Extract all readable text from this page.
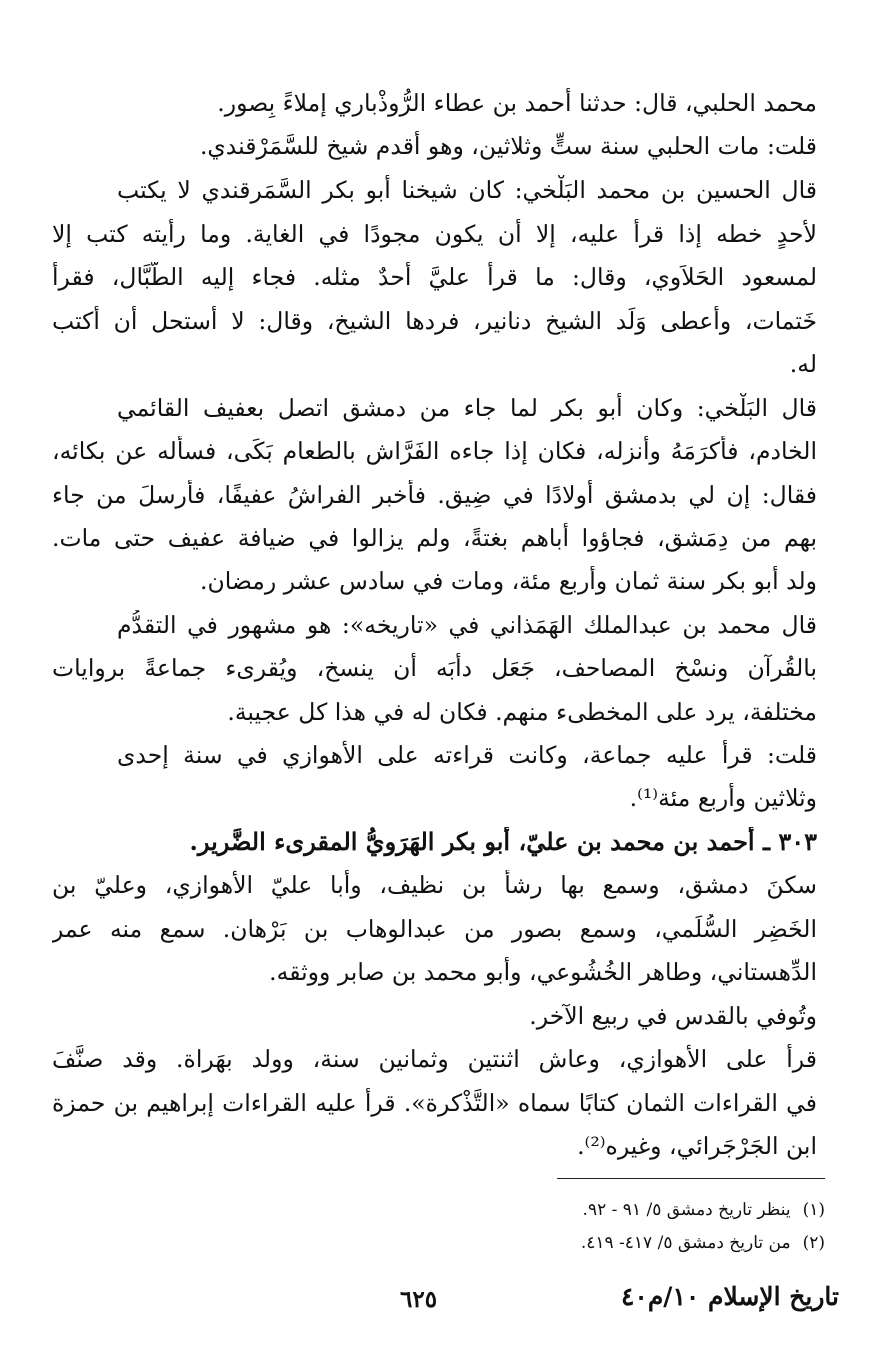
محمد الحلبي، قال: حدثنا أحمد بن عطاء الرُّوذْباري إملاءً بِصور.
قلت: مات الحلبي سنة ستٍّ وثلاثين، وهو أقدم شيخ للسَّمَرْقندي.
قال الحسين بن محمد البَلْخي: كان شيخنا أبو بكر السَّمَرقندي لا يكتب
لأحدٍ خطه إذا قرأ عليه، إلا أن يكون مجودًا في الغاية. وما رأيته كتب إلا
لمسعود الحَلاَوي، وقال: ما قرأ عليَّ أحدٌ مثله. فجاء إليه الطَّبَّال، فقرأ
خَتمات، وأعطى وَلَد الشيخ دنانير، فردها الشيخ، وقال: لا أستحل أن أكتب
له.
قال البَلْخي: وكان أبو بكر لما جاء من دمشق اتصل بعفيف القائمي
الخادم، فأكرَمَهُ وأنزله، فكان إذا جاءه الفَرَّاش بالطعام بَكَى، فسأله عن بكائه،
فقال: إن لي بدمشق أولادًا في ضِيق. فأخبر الفراشُ عفيفًا، فأرسلَ من جاء
بهم من دِمَشق، فجاؤوا أباهم بغتةً، ولم يزالوا في ضيافة عفيف حتى مات.
ولد أبو بكر سنة ثمان وأربع مئة، ومات في سادس عشر رمضان.
قال محمد بن عبدالملك الهَمَذاني في «تاريخه»: هو مشهور في التقدُّم
بالقُرآن ونسْخ المصاحف، جَعَل دأبَه أن ينسخ، ويُقرىء جماعةً بروايات
مختلفة، يرد على المخطىء منهم. فكان له في هذا كل عجيبة.
قلت: قرأ عليه جماعة، وكانت قراءته على الأهوازي في سنة إحدى
وثلاثين وأربع مئة⁽¹⁾.
٣٠٣ ـ أحمد بن محمد بن عليّ، أبو بكر الهَرَويُّ المقرىء الضَّرير.
سكنَ دمشق، وسمع بها رشأ بن نظيف، وأبا عليّ الأهوازي، وعليّ بن
الخَضِر السُّلَمي، وسمع بصور من عبدالوهاب بن بَرْهان. سمع منه عمر
الدِّهستاني، وطاهر الخُشُوعي، وأبو محمد بن صابر ووثقه.
وتُوفي بالقدس في ربيع الآخر.
قرأ على الأهوازي، وعاش اثنتين وثمانين سنة، وولد بهَراة. وقد صنَّفَ
في القراءات الثمان كتابًا سماه «التَّذْكرة». قرأ عليه القراءات إبراهيم بن حمزة
ابن الجَرْجَرائي، وغيره⁽²⁾.
(١)ينظر تاريخ دمشق ٥/ ٩١ - ٩٢.
(٢)من تاريخ دمشق ٥/ ٤١٧- ٤١٩.
تاريخ الإسلام ١٠/م٤٠
٦٢٥
